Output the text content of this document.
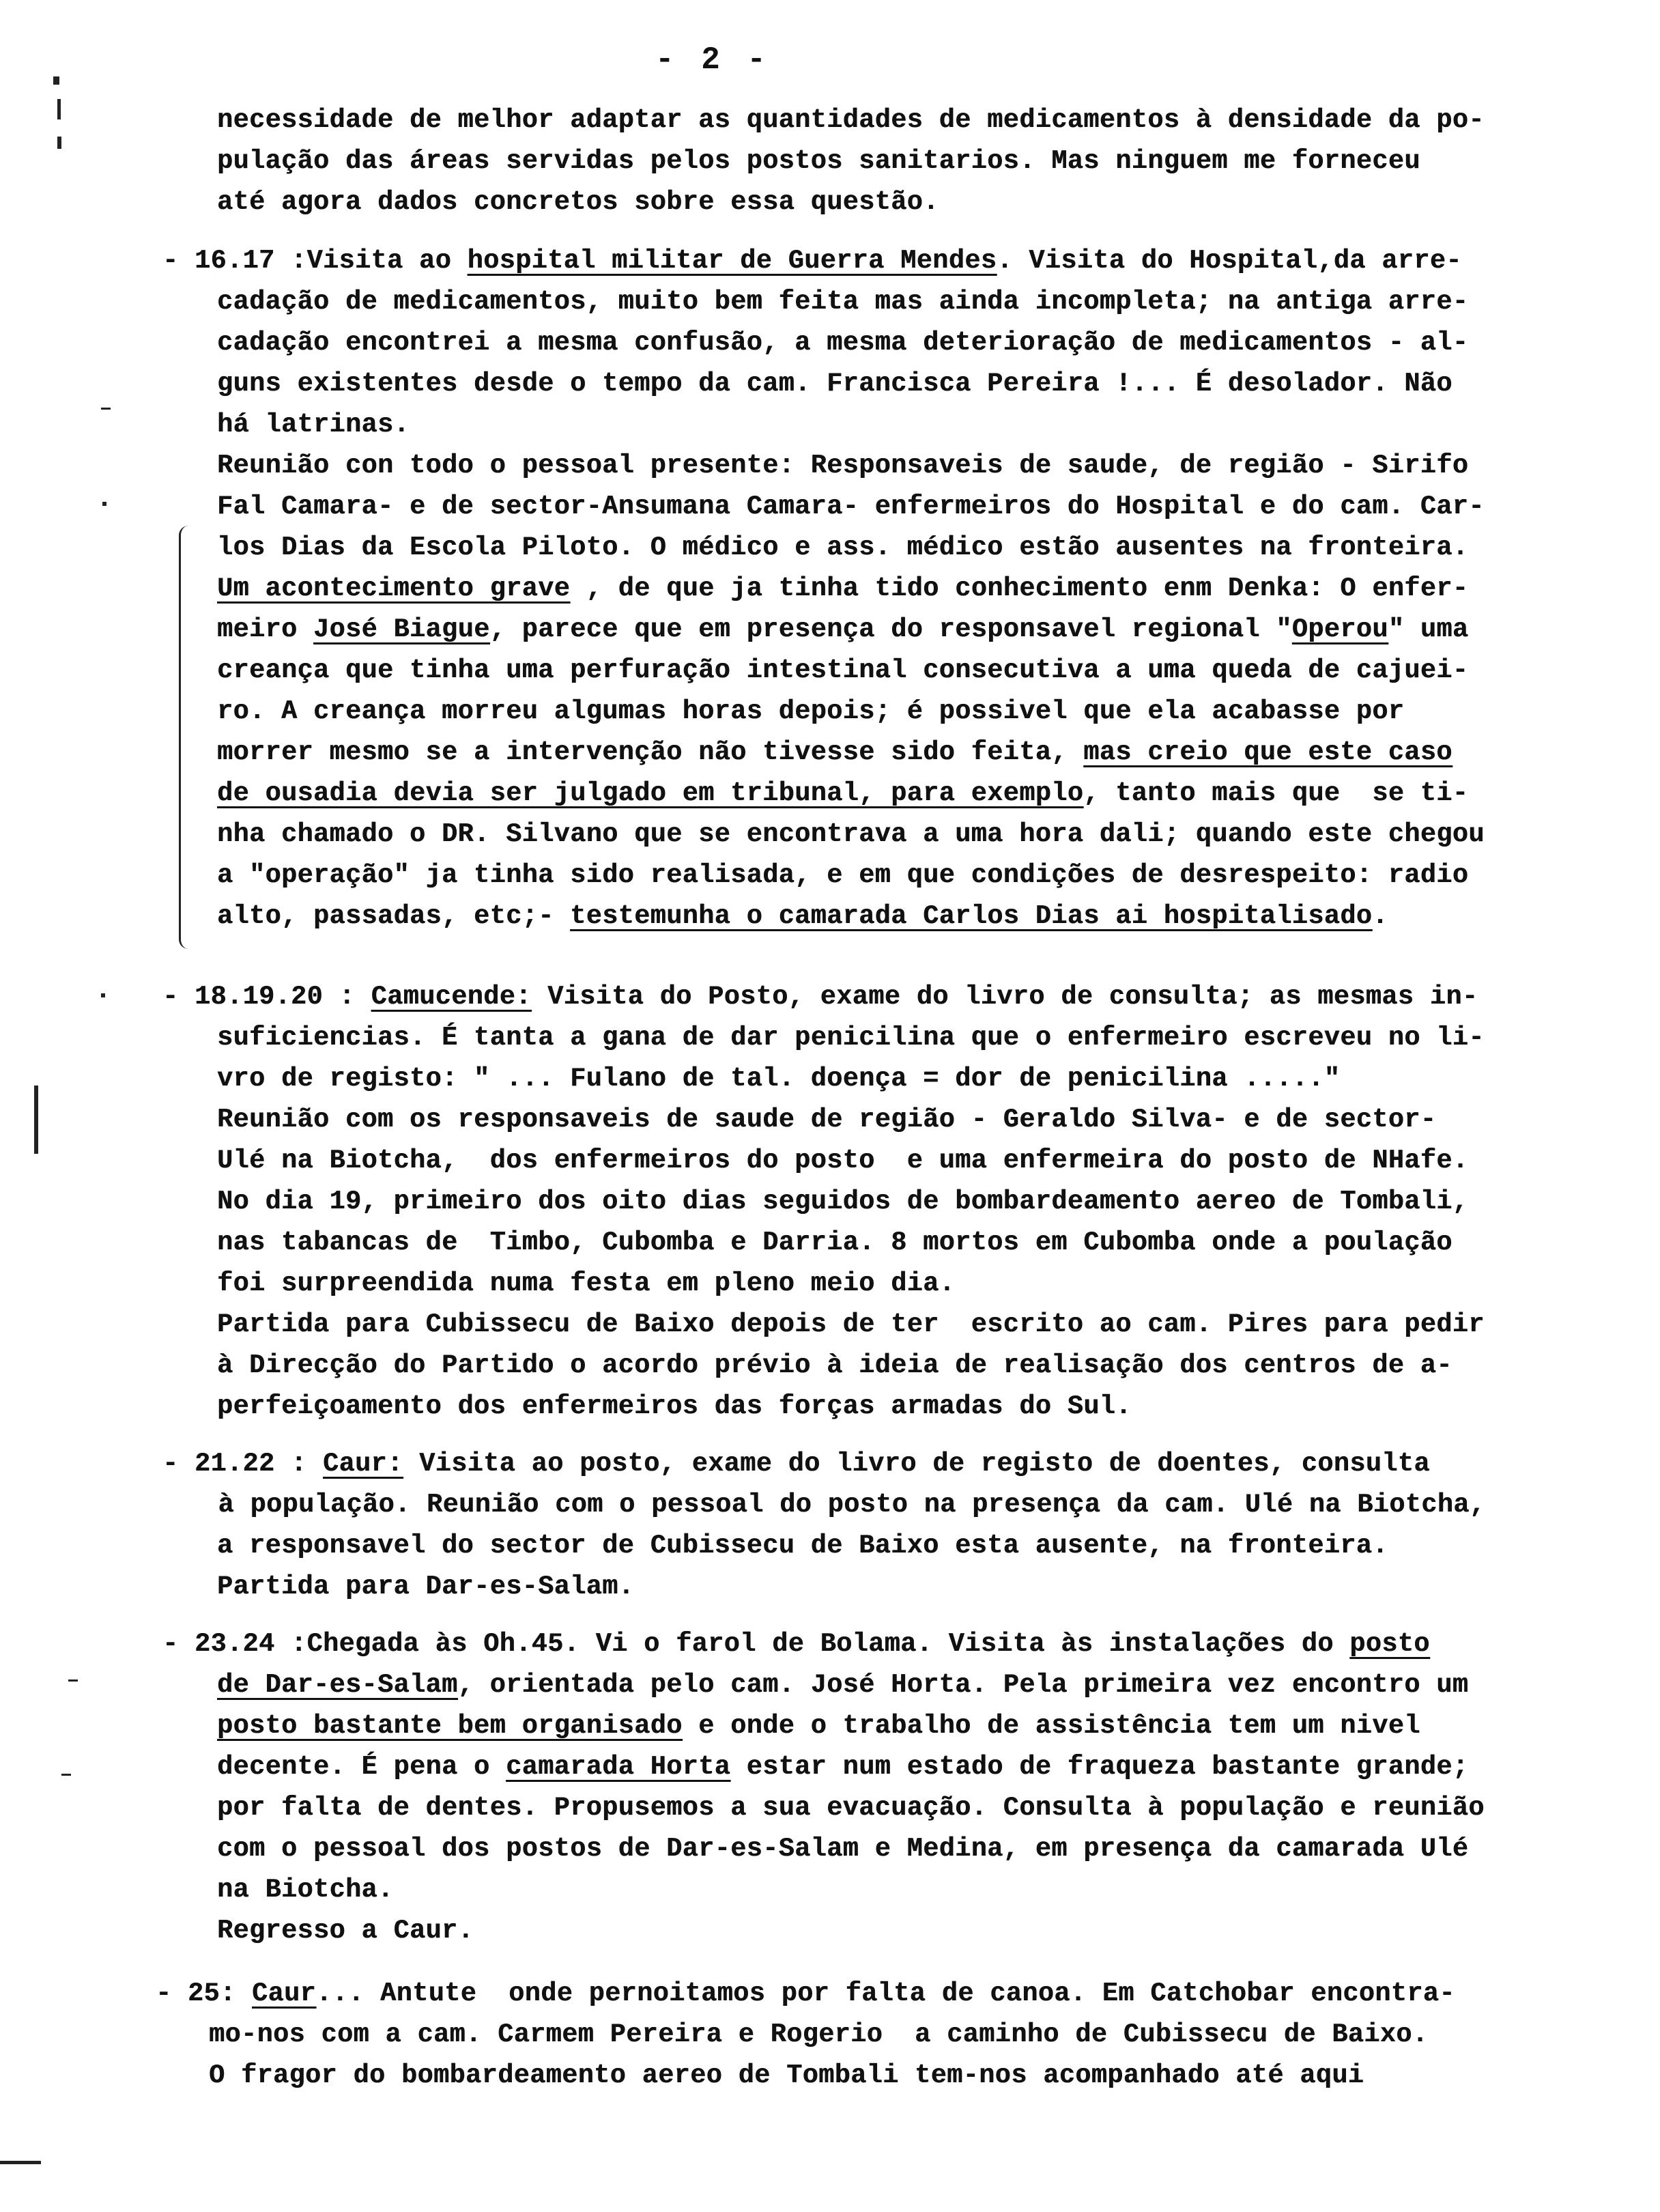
- 2 -
necessidade de melhor adaptar as quantidades de medicamentos à densidade da po-
pulação das áreas servidas pelos postos sanitarios. Mas ninguem me forneceu
até agora dados concretos sobre essa questão.
- 16.17 :Visita ao hospital militar de Guerra Mendes. Visita do Hospital,da arre-
cadação de medicamentos, muito bem feita mas ainda incompleta; na antiga arre-
cadação encontrei a mesma confusão, a mesma deterioração de medicamentos - al-
guns existentes desde o tempo da cam. Francisca Pereira !... É desolador. Não
há latrinas.
Reunião con todo o pessoal presente: Responsaveis de saude, de região - Sirifo
Fal Camara- e de sector-Ansumana Camara- enfermeiros do Hospital e do cam. Car-
los Dias da Escola Piloto. O médico e ass. médico estão ausentes na fronteira.
Um acontecimento grave , de que ja tinha tido conhecimento enm Denka: O enfer-
meiro José Biague, parece que em presença do responsavel regional "Operou" uma
creança que tinha uma perfuração intestinal consecutiva a uma queda de cajuei-
ro. A creança morreu algumas horas depois; é possivel que ela acabasse por
morrer mesmo se a intervenção não tivesse sido feita, mas creio que este caso
de ousadia devia ser julgado em tribunal, para exemplo, tanto mais que  se ti-
nha chamado o DR. Silvano que se encontrava a uma hora dali; quando este chegou
a "operação" ja tinha sido realisada, e em que condições de desrespeito: radio
alto, passadas, etc;- testemunha o camarada Carlos Dias ai hospitalisado.
- 18.19.20 : Camucende: Visita do Posto, exame do livro de consulta; as mesmas in-
suficiencias. É tanta a gana de dar penicilina que o enfermeiro escreveu no li-
vro de registo: " ... Fulano de tal. doença = dor de penicilina ....."
Reunião com os responsaveis de saude de região - Geraldo Silva- e de sector-
Ulé na Biotcha,  dos enfermeiros do posto  e uma enfermeira do posto de NHafe.
No dia 19, primeiro dos oito dias seguidos de bombardeamento aereo de Tombali,
nas tabancas de  Timbo, Cubomba e Darria. 8 mortos em Cubomba onde a poulação
foi surpreendida numa festa em pleno meio dia.
Partida para Cubissecu de Baixo depois de ter  escrito ao cam. Pires para pedir
à Direcção do Partido o acordo prévio à ideia de realisação dos centros de a-
perfeiçoamento dos enfermeiros das forças armadas do Sul.
- 21.22 : Caur: Visita ao posto, exame do livro de registo de doentes, consulta
à população. Reunião com o pessoal do posto na presença da cam. Ulé na Biotcha,
a responsavel do sector de Cubissecu de Baixo esta ausente, na fronteira.
Partida para Dar-es-Salam.
- 23.24 :Chegada às Oh.45. Vi o farol de Bolama. Visita às instalações do posto
de Dar-es-Salam, orientada pelo cam. José Horta. Pela primeira vez encontro um
posto bastante bem organisado e onde o trabalho de assistência tem um nivel
decente. É pena o camarada Horta estar num estado de fraqueza bastante grande;
por falta de dentes. Propusemos a sua evacuação. Consulta à população e reunião
com o pessoal dos postos de Dar-es-Salam e Medina, em presença da camarada Ulé
na Biotcha.
Regresso a Caur.
- 25: Caur... Antute  onde pernoitamos por falta de canoa. Em Catchobar encontra-
mo-nos com a cam. Carmem Pereira e Rogerio  a caminho de Cubissecu de Baixo.
O fragor do bombardeamento aereo de Tombali tem-nos acompanhado até aqui
